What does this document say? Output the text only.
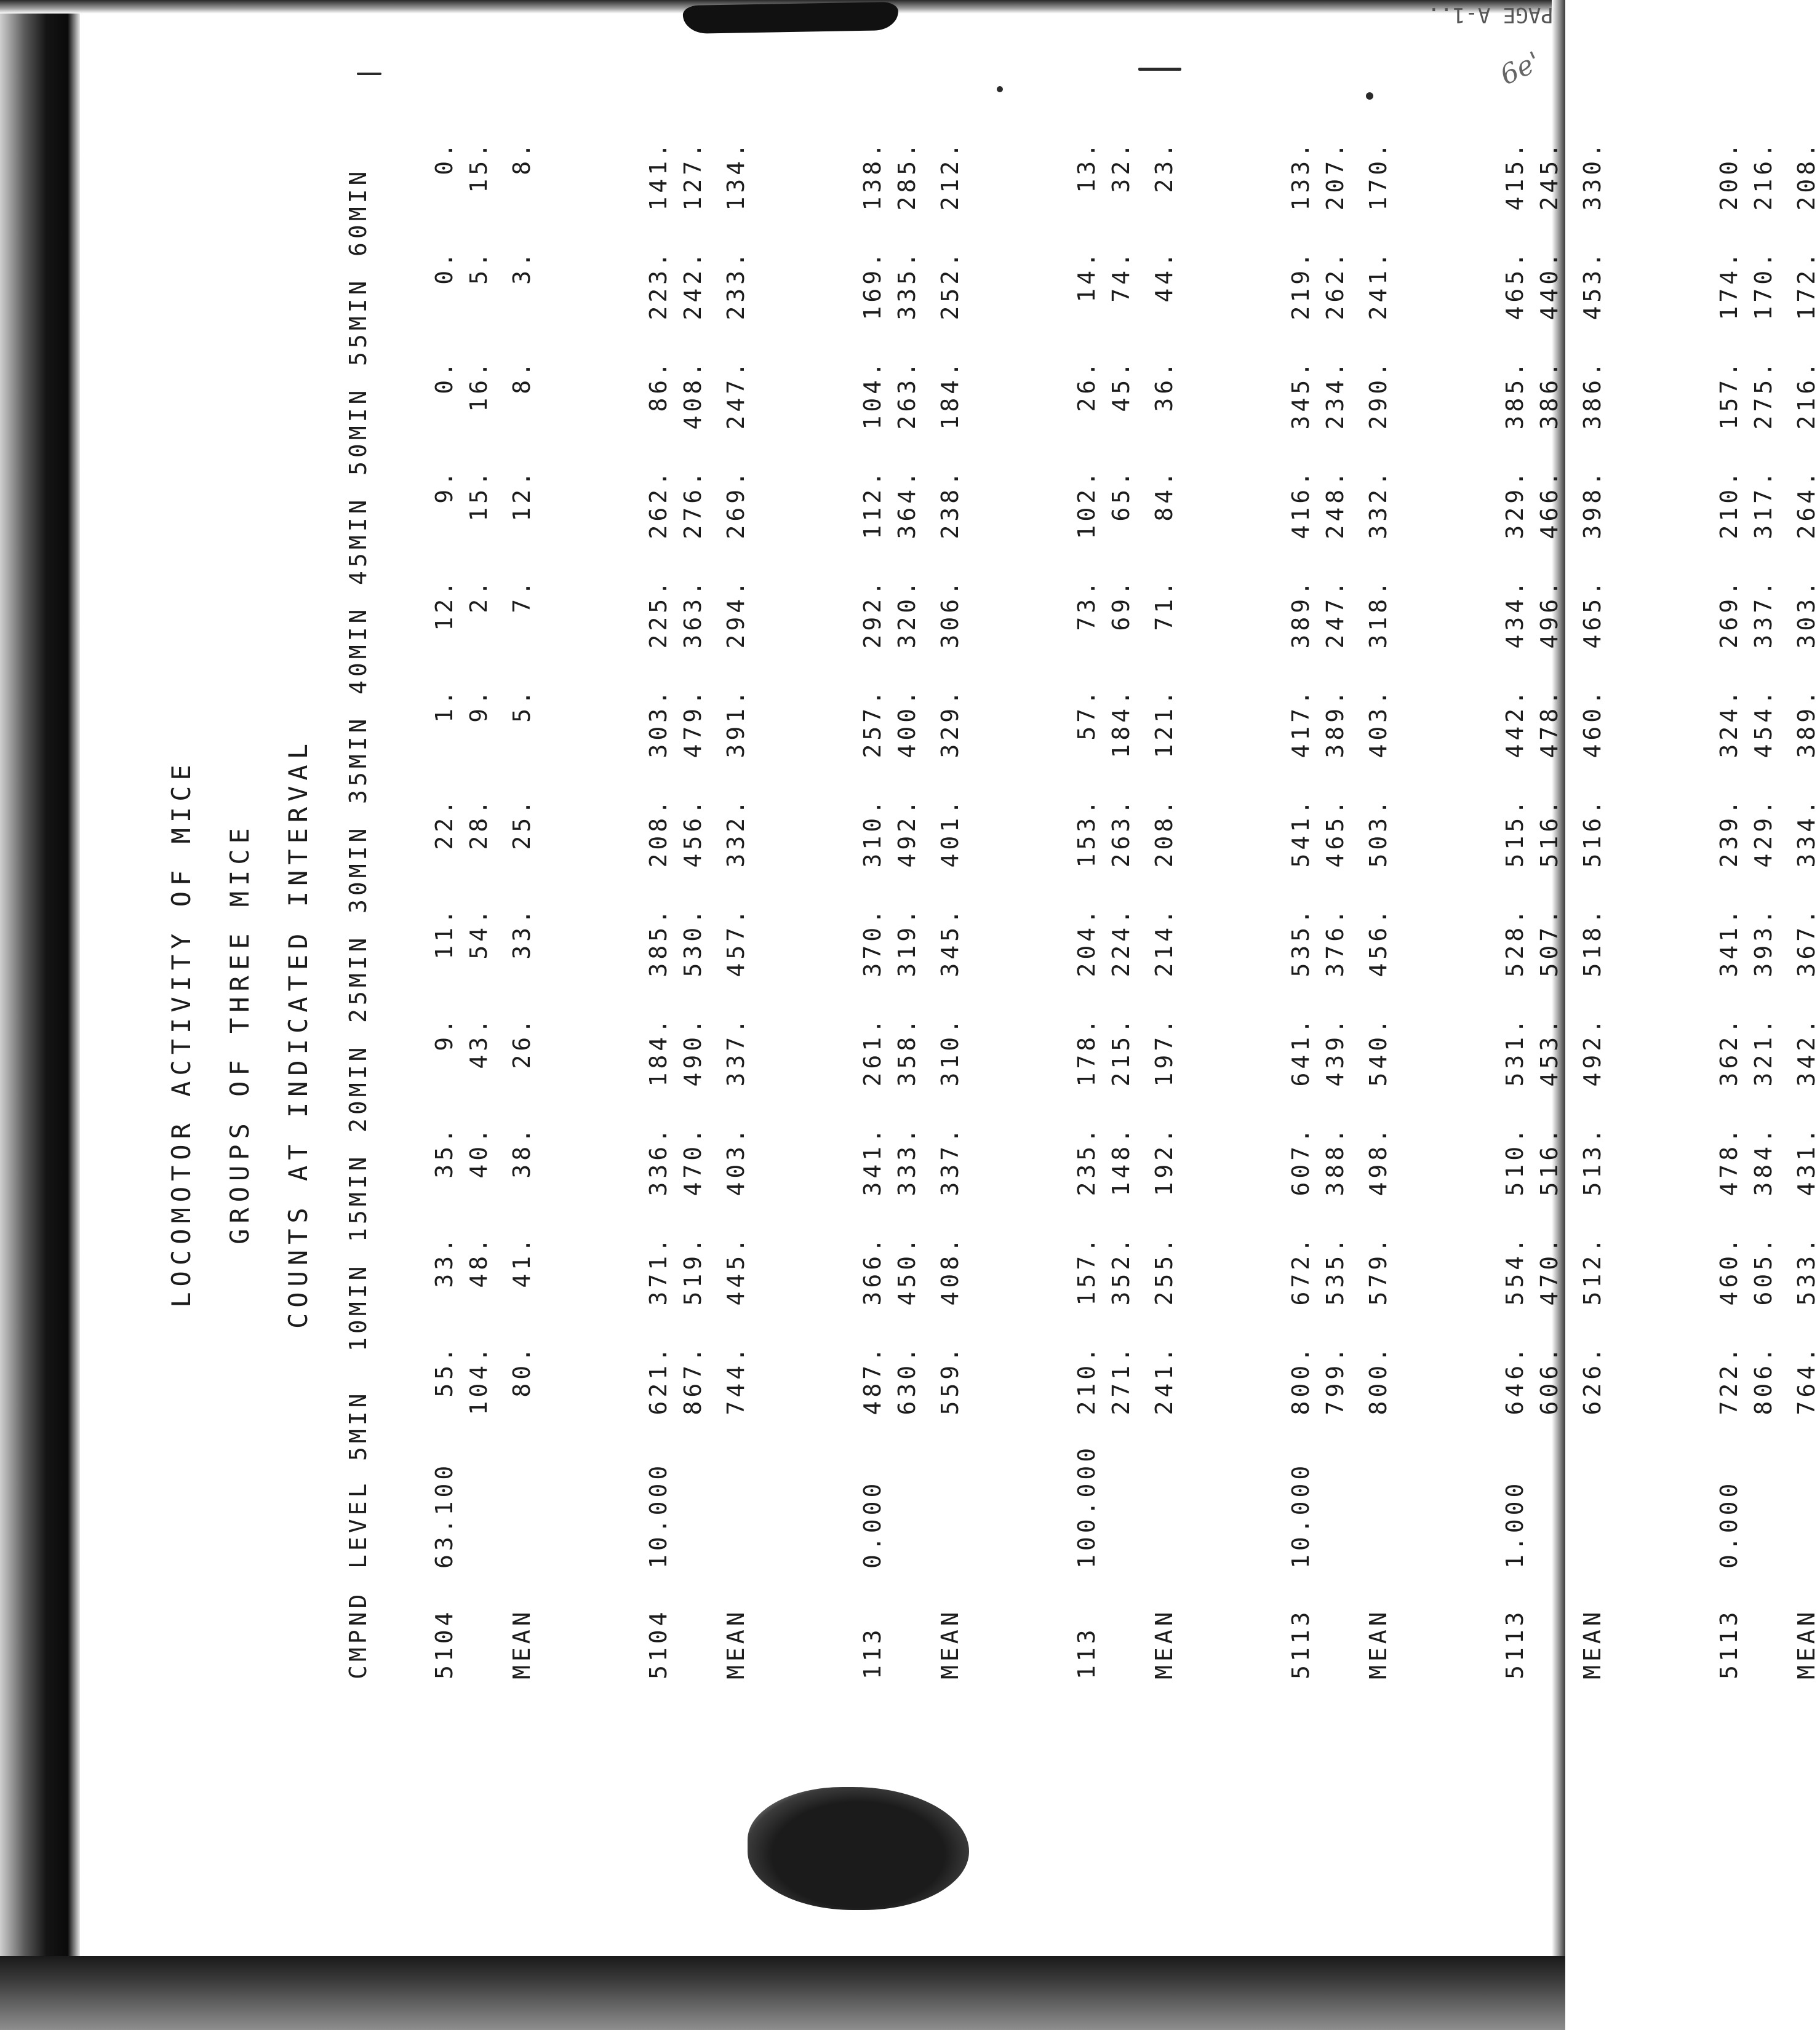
PAGE A-1..
6e'
LOCOMOTOR ACTIVITY OF MICE GROUPS OF THREE MICE COUNTS AT INDICATED INTERVAL
CMPND
LEVEL
5MIN
10MIN
15MIN
20MIN
25MIN
30MIN
35MIN
40MIN
45MIN
50MIN
55MIN
60MIN
5104
63.100
MEAN
55.
33.
35.
9.
11.
22.
1.
12.
9.
0.
0.
0.
104.
48.
40.
43.
54.
28.
9.
2.
15.
16.
5.
15.
80.
41.
38.
26.
33.
25.
5.
7.
12.
8.
3.
8.
5104
10.000
MEAN
621.
371.
336.
184.
385.
208.
303.
225.
262.
86.
223.
141.
867.
519.
470.
490.
530.
456.
479.
363.
276.
408.
242.
127.
744.
445.
403.
337.
457.
332.
391.
294.
269.
247.
233.
134.
113
0.000
MEAN
487.
366.
341.
261.
370.
310.
257.
292.
112.
104.
169.
138.
630.
450.
333.
358.
319.
492.
400.
320.
364.
263.
335.
285.
559.
408.
337.
310.
345.
401.
329.
306.
238.
184.
252.
212.
113
100.000
MEAN
210.
157.
235.
178.
204.
153.
57.
73.
102.
26.
14.
13.
271.
352.
148.
215.
224.
263.
184.
69.
65.
45.
74.
32.
241.
255.
192.
197.
214.
208.
121.
71.
84.
36.
44.
23.
5113
10.000
MEAN
800.
672.
607.
641.
535.
541.
417.
389.
416.
345.
219.
133.
799.
535.
388.
439.
376.
465.
389.
247.
248.
234.
262.
207.
800.
579.
498.
540.
456.
503.
403.
318.
332.
290.
241.
170.
5113
1.000
MEAN
646.
554.
510.
531.
528.
515.
442.
434.
329.
385.
465.
415.
606.
470.
516.
453.
507.
516.
478.
496.
466.
386.
440.
245.
626.
512.
513.
492.
518.
516.
460.
465.
398.
386.
453.
330.
5113
0.000
MEAN
722.
460.
478.
362.
341.
239.
324.
269.
210.
157.
174.
200.
806.
605.
384.
321.
393.
429.
454.
337.
317.
275.
170.
216.
764.
533.
431.
342.
367.
334.
389.
303.
264.
216.
172.
208.
